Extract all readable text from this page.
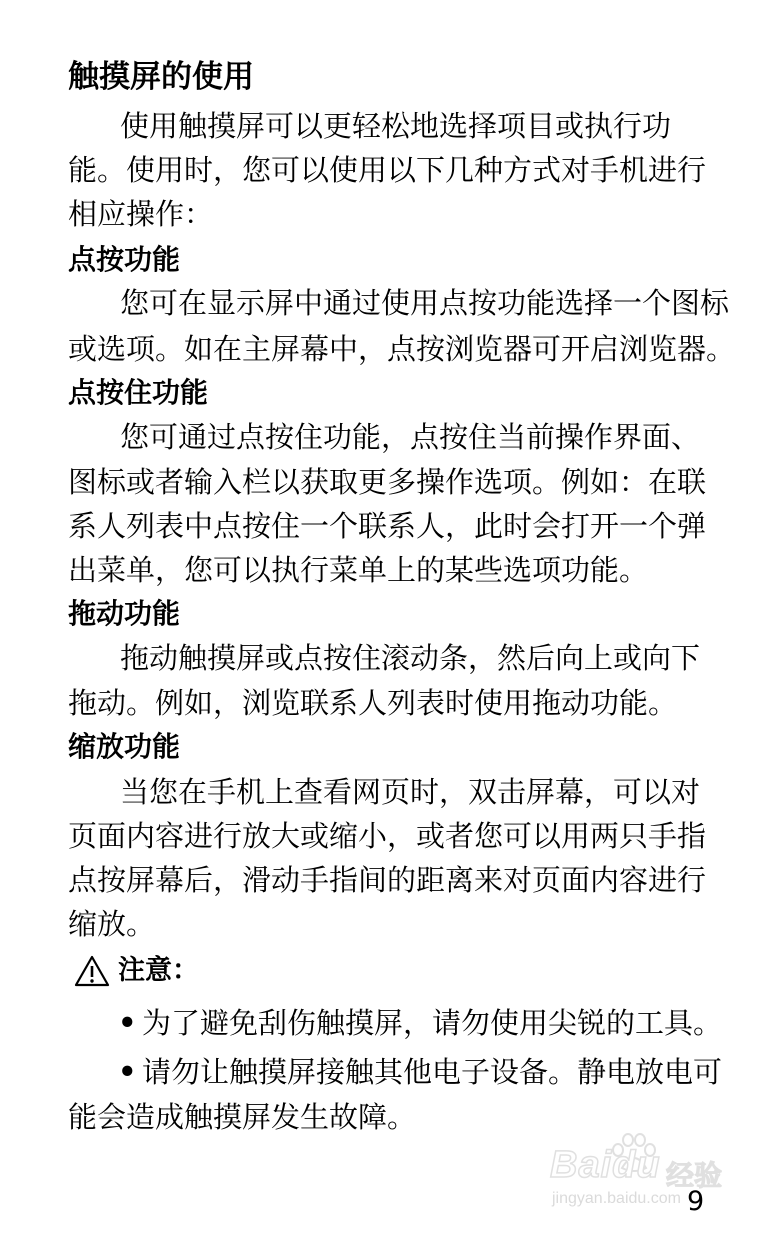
触摸屏的使用
使用触摸屏可以更轻松地选择项目或执行功
能。使用时，您可以使用以下几种方式对手机进行
相应操作：
点按功能
您可在显示屏中通过使用点按功能选择一个图标
或选项。如在主屏幕中，点按浏览器可开启浏览器。
点按住功能
您可通过点按住功能，点按住当前操作界面、
图标或者输入栏以获取更多操作选项。例如：在联
系人列表中点按住一个联系人，此时会打开一个弹
出菜单，您可以执行菜单上的某些选项功能。
拖动功能
拖动触摸屏或点按住滚动条，然后向上或向下
拖动。例如，浏览联系人列表时使用拖动功能。
缩放功能
当您在手机上查看网页时，双击屏幕，可以对
页面内容进行放大或缩小，或者您可以用两只手指
点按屏幕后，滑动手指间的距离来对页面内容进行
缩放。
注意：
• 为了避免刮伤触摸屏，请勿使用尖锐的工具。
• 请勿让触摸屏接触其他电子设备。静电放电可
能会造成触摸屏发生故障。
Baidu 经验
jingyan.baidu.com 9
